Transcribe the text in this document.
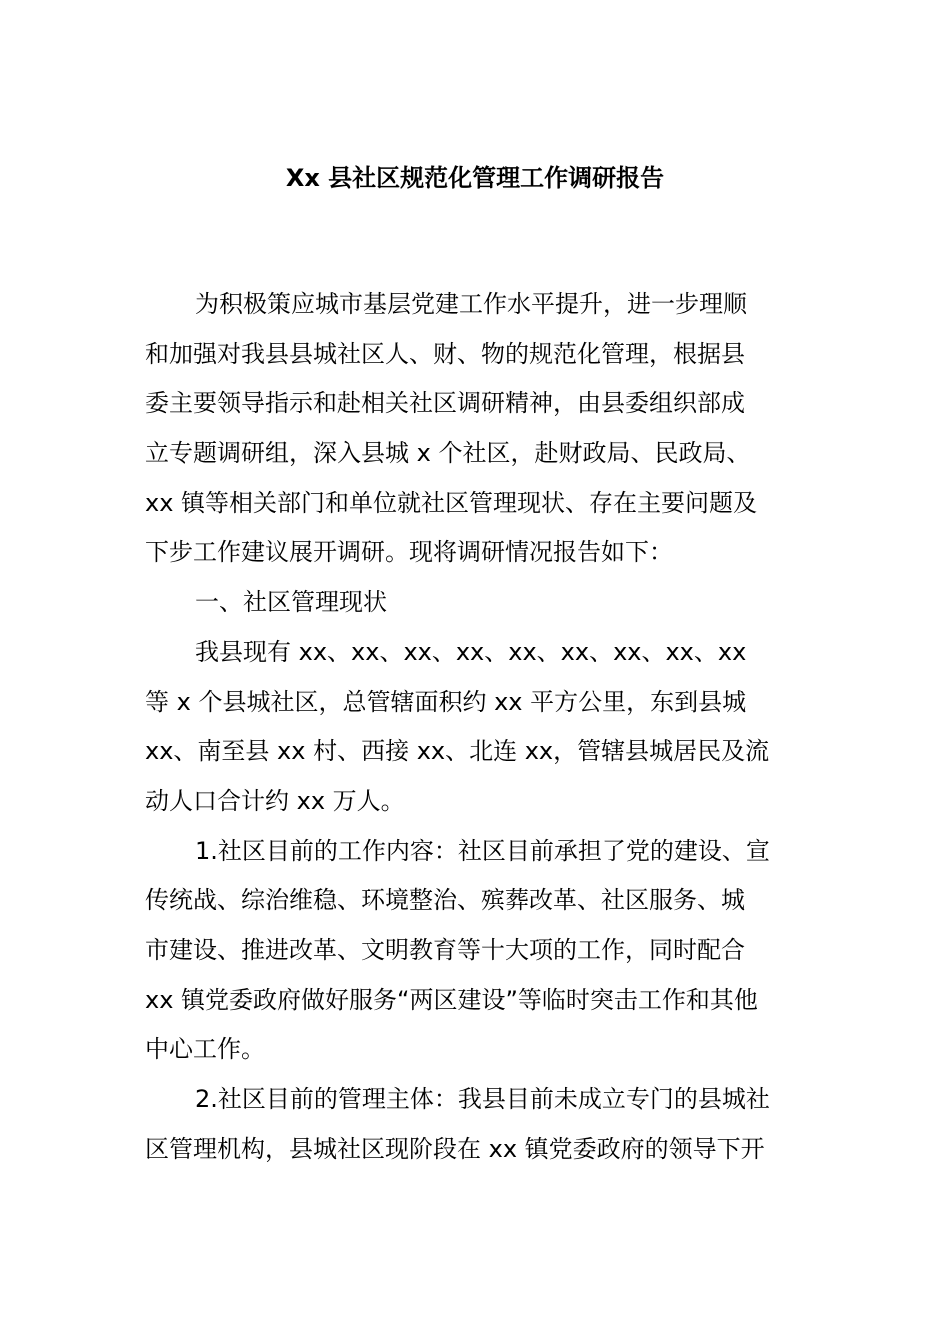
Xx 县社区规范化管理工作调研报告
为积极策应城市基层党建工作水平提升，进一步理顺
和加强对我县县城社区人、财、物的规范化管理，根据县
委主要领导指示和赴相关社区调研精神，由县委组织部成
立专题调研组，深入县城 x 个社区，赴财政局、民政局、
xx 镇等相关部门和单位就社区管理现状、存在主要问题及
下步工作建议展开调研。现将调研情况报告如下：
一、社区管理现状
我县现有 xx、xx、xx、xx、xx、xx、xx、xx、xx
等 x 个县城社区，总管辖面积约 xx 平方公里，东到县城
xx、南至县 xx 村、西接 xx、北连 xx，管辖县城居民及流
动人口合计约 xx 万人。
1.社区目前的工作内容：社区目前承担了党的建设、宣
传统战、综治维稳、环境整治、殡葬改革、社区服务、城
市建设、推进改革、文明教育等十大项的工作，同时配合
xx 镇党委政府做好服务“两区建设”等临时突击工作和其他
中心工作。
2.社区目前的管理主体：我县目前未成立专门的县城社
区管理机构，县城社区现阶段在 xx 镇党委政府的领导下开
